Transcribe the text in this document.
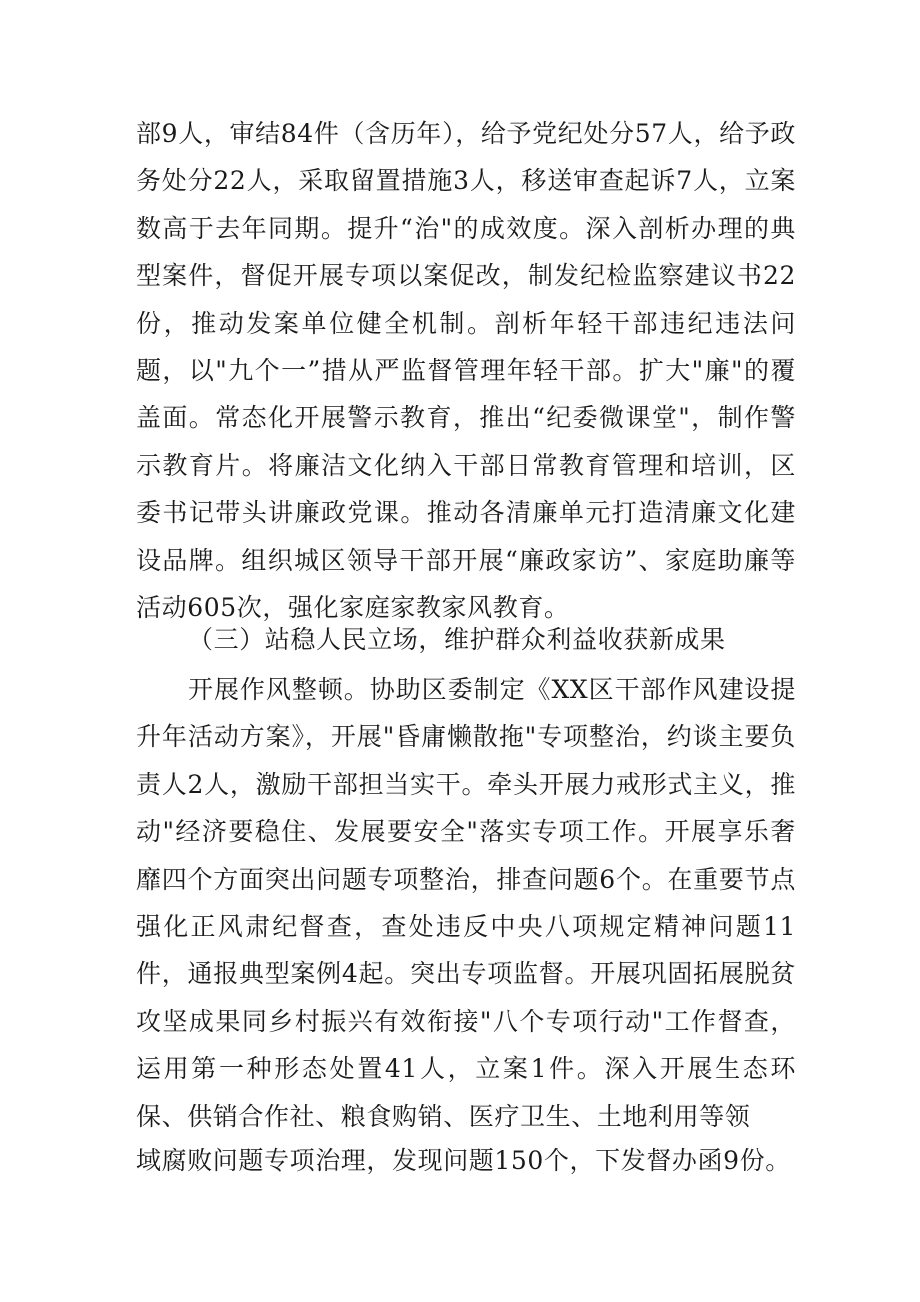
部9人，审结84件（含历年），给予党纪处分57人，给予政务处分22人，采取留置措施3人，移送审查起诉7人，立案数高于去年同期。提升“治"的成效度。深入剖析办理的典型案件，督促开展专项以案促改，制发纪检监察建议书22份，推动发案单位健全机制。剖析年轻干部违纪违法问题，以"九个一”措从严监督管理年轻干部。扩大"廉"的覆盖面。常态化开展警示教育，推出“纪委微课堂"，制作警示教育片。将廉洁文化纳入干部日常教育管理和培训，区委书记带头讲廉政党课。推动各清廉单元打造清廉文化建设品牌。组织城区领导干部开展“廉政家访”、家庭助廉等活动605次，强化家庭家教家风教育。

（三）站稳人民立场，维护群众利益收获新成果

开展作风整顿。协助区委制定《XX区干部作风建设提升年活动方案》，开展"昏庸懒散拖"专项整治，约谈主要负责人2人，激励干部担当实干。牵头开展力戒形式主义，推动"经济要稳住、发展要安全"落实专项工作。开展享乐奢靡四个方面突出问题专项整治，排查问题6个。在重要节点强化正风肃纪督查，查处违反中央八项规定精神问题11件，通报典型案例4起。突出专项监督。开展巩固拓展脱贫攻坚成果同乡村振兴有效衔接"八个专项行动"工作督查，运用第一种形态处置41人，立案1件。深入开展生态环保、供销合作社、粮食购销、医疗卫生、土地利用等领

域腐败问题专项治理，发现问题150个，下发督办函9份。
